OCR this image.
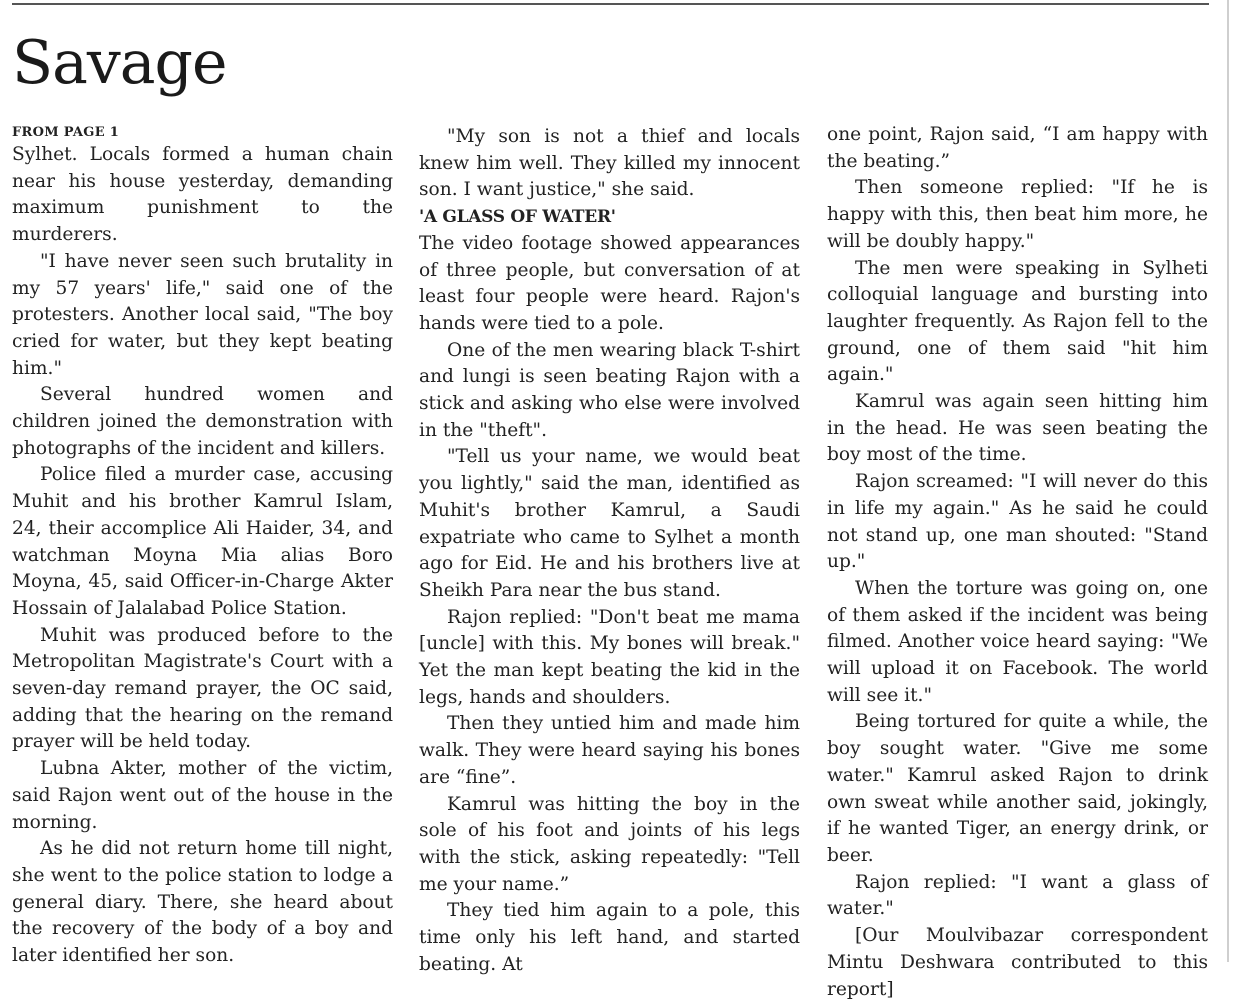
Savage
FROM PAGE 1

Sylhet. Locals formed a human chain near his house yesterday, demanding maximum punishment to the murderers.

"I have never seen such brutality in my 57 years' life," said one of the protesters. Another local said, "The boy cried for water, but they kept beating him."

Several hundred women and children joined the demonstration with photographs of the incident and killers.

Police filed a murder case, accusing Muhit and his brother Kamrul Islam, 24, their accomplice Ali Haider, 34, and watchman Moyna Mia alias Boro Moyna, 45, said Officer-in-Charge Akter Hossain of Jalalabad Police Station.

Muhit was produced before to the Metropolitan Magistrate's Court with a seven-day remand prayer, the OC said, adding that the hearing on the remand prayer will be held today.

Lubna Akter, mother of the victim, said Rajon went out of the house in the morning.

As he did not return home till night, she went to the police station to lodge a general diary. There, she heard about the recovery of the body of a boy and later identified her son.

"My son is not a thief and locals knew him well. They killed my innocent son. I want justice," she said.

'A GLASS OF WATER'

The video footage showed appearances of three people, but conversation of at least four people were heard. Rajon's hands were tied to a pole.

One of the men wearing black T-shirt and lungi is seen beating Rajon with a stick and asking who else were involved in the "theft".

"Tell us your name, we would beat you lightly," said the man, identified as Muhit's brother Kamrul, a Saudi expatriate who came to Sylhet a month ago for Eid. He and his brothers live at Sheikh Para near the bus stand.

Rajon replied: "Don't beat me mama [uncle] with this. My bones will break." Yet the man kept beating the kid in the legs, hands and shoulders.

Then they untied him and made him walk. They were heard saying his bones are “fine”.

Kamrul was hitting the boy in the sole of his foot and joints of his legs with the stick, asking repeatedly: "Tell me your name.”

They tied him again to a pole, this time only his left hand, and started beating. At

one point, Rajon said, “I am happy with the beating.”

Then someone replied: "If he is happy with this, then beat him more, he will be doubly happy."

The men were speaking in Sylheti colloquial language and bursting into laughter frequently. As Rajon fell to the ground, one of them said "hit him again."

Kamrul was again seen hitting him in the head. He was seen beating the boy most of the time.

Rajon screamed: "I will never do this in life my again." As he said he could not stand up, one man shouted: "Stand up."

When the torture was going on, one of them asked if the incident was being filmed. Another voice heard saying: "We will upload it on Facebook. The world will see it."

Being tortured for quite a while, the boy sought water. "Give me some water." Kamrul asked Rajon to drink own sweat while another said, jokingly, if he wanted Tiger, an energy drink, or beer.

Rajon replied: "I want a glass of water."

[Our Moulvibazar correspondent Mintu Deshwara contributed to this report]
